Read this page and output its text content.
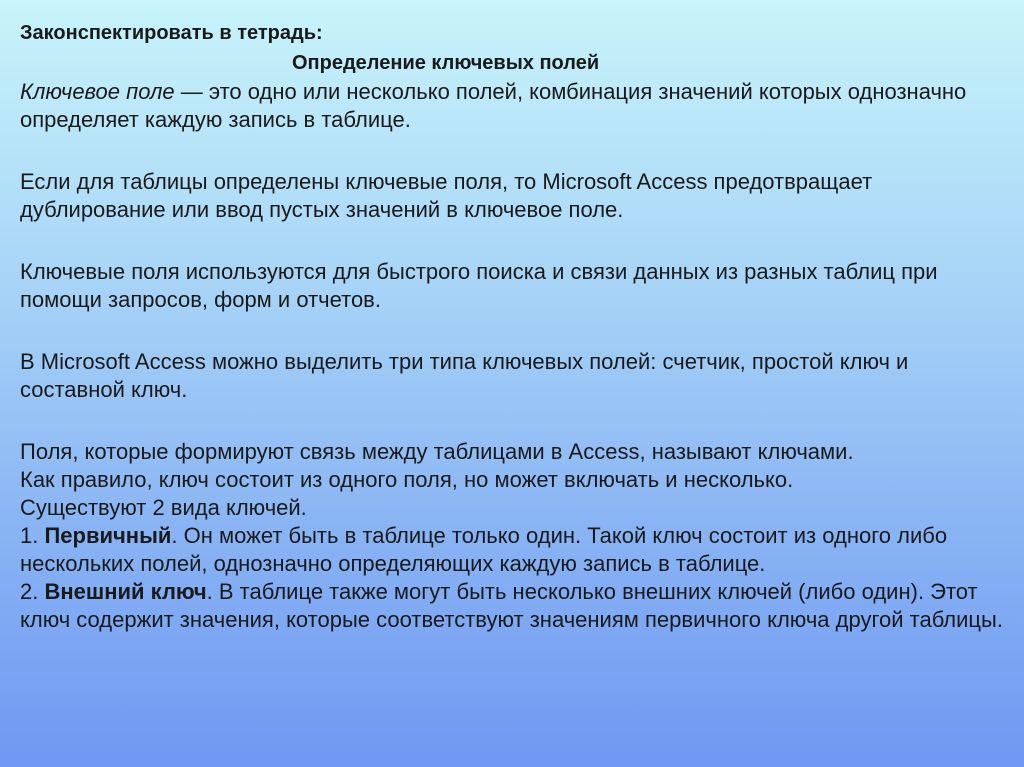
Законспектировать в тетрадь:
Определение ключевых полей
Ключевое поле — это одно или несколько полей, комбинация значений которых однозначно определяет каждую запись в таблице.
Если для таблицы определены ключевые поля, то Microsoft Access предотвращает дублирование или ввод пустых значений в ключевое поле.
Ключевые поля используются для быстрого поиска и связи данных из разных таблиц при помощи запросов, форм и отчетов.
В Microsoft Access можно выделить три типа ключевых полей: счетчик, простой ключ и составной ключ.
Поля, которые формируют связь между таблицами в Access, называют ключами.
Как правило, ключ состоит из одного поля, но может включать и несколько.
Существуют 2 вида ключей.
1. Первичный. Он может быть в таблице только один. Такой ключ состоит из одного либо нескольких полей, однозначно определяющих каждую запись в таблице.
2. Внешний ключ. В таблице также могут быть несколько внешних ключей (либо один). Этот ключ содержит значения, которые соответствуют значениям первичного ключа другой таблицы.
